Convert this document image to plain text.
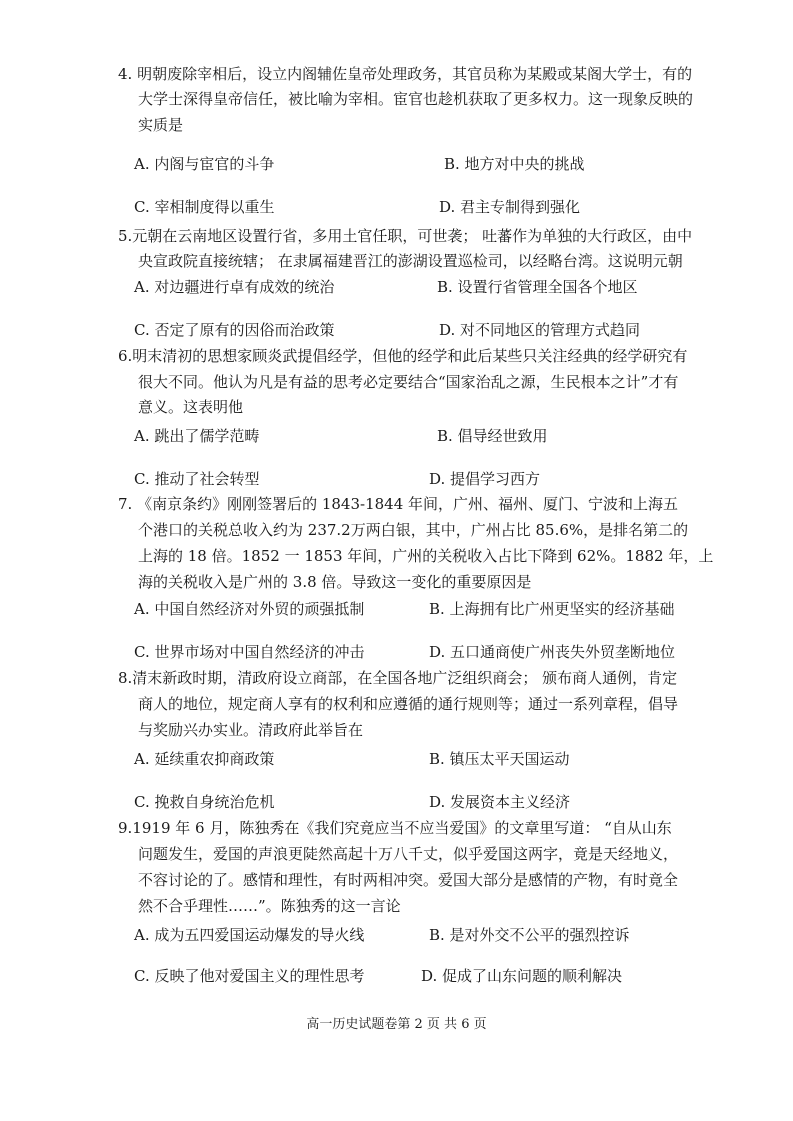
4. 明朝废除宰相后，设立内阁辅佐皇帝处理政务，其官员称为某殿或某阁大学士，有的
大学士深得皇帝信任，被比喻为宰相。宦官也趁机获取了更多权力。这一现象反映的
实质是
A. 内阁与宦官的斗争	B. 地方对中央的挑战
C. 宰相制度得以重生	D. 君主专制得到强化
5.元朝在云南地区设置行省，多用土官任职，可世袭； 吐蕃作为单独的大行政区，由中
央宣政院直接统辖； 在隶属福建晋江的澎湖设置巡检司，以经略台湾。这说明元朝
A. 对边疆进行卓有成效的统治	B. 设置行省管理全国各个地区
C. 否定了原有的因俗而治政策	D. 对不同地区的管理方式趋同
6.明末清初的思想家顾炎武提倡经学，但他的经学和此后某些只关注经典的经学研究有
很大不同。他认为凡是有益的思考必定要结合“国家治乱之源，生民根本之计”才有
意义。这表明他
A. 跳出了儒学范畴	B. 倡导经世致用
C. 推动了社会转型	D. 提倡学习西方
7. 《南京条约》刚刚签署后的 1843-1844 年间，广州、福州、厦门、宁波和上海五
个港口的关税总收入约为 237.2万两白银，其中，广州占比 85.6%，是排名第二的
上海的 18 倍。1852 一 1853 年间，广州的关税收入占比下降到 62%。1882 年，上
海的关税收入是广州的 3.8 倍。导致这一变化的重要原因是
A. 中国自然经济对外贸的顽强抵制	B. 上海拥有比广州更坚实的经济基础
C. 世界市场对中国自然经济的冲击	D. 五口通商使广州丧失外贸垄断地位
8.清末新政时期，清政府设立商部，在全国各地广泛组织商会； 颁布商人通例，肯定
商人的地位，规定商人享有的权利和应遵循的通行规则等；通过一系列章程，倡导
与奖励兴办实业。清政府此举旨在
A. 延续重农抑商政策	B. 镇压太平天国运动
C. 挽救自身统治危机	D. 发展资本主义经济
9.1919 年 6 月，陈独秀在《我们究竟应当不应当爱国》的文章里写道： “自从山东
问题发生，爱国的声浪更陡然高起十万八千丈，似乎爱国这两字，竟是天经地义，
不容讨论的了。感情和理性，有时两相冲突。爱国大部分是感情的产物，有时竟全
然不合乎理性……”。陈独秀的这一言论
A. 成为五四爱国运动爆发的导火线	B. 是对外交不公平的强烈控诉
C. 反映了他对爱国主义的理性思考	D. 促成了山东问题的顺利解决
高一历史试题卷第 2 页 共 6 页
